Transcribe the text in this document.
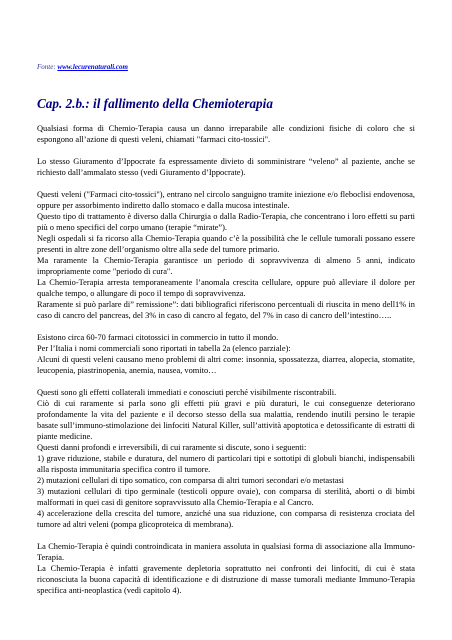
Fonte: www.lecurenaturali.com
Cap. 2.b.: il fallimento della Chemioterapia

Qualsiasi forma di Chemio-Terapia causa un danno irreparabile alle condizioni fisiche di coloro che si espongono all’azione di questi veleni, chiamati "farmaci cito-tossici".

Lo stesso Giuramento d’Ippocrate fa espressamente divieto di somministrare “veleno” al paziente, anche se richiesto dall’ammalato stesso (vedi Giuramento d’Ippocrate).

Questi veleni ("Farmaci cito-tossici"), entrano nel circolo sanguigno tramite iniezione e/o fleboclisi endovenosa, oppure per assorbimento indiretto dallo stomaco e dalla mucosa intestinale.

Questo tipo di trattamento è diverso dalla Chirurgia o dalla Radio-Terapia, che concentrano i loro effetti su parti più o meno specifici del corpo umano (terapie “mirate”).

Negli ospedali si fa ricorso alla Chemio-Terapia quando c’è la possibilità che le cellule tumorali possano essere presenti in altre zone dell’organismo oltre alla sede del tumore primario.

Ma raramente la Chemio-Terapia garantisce un periodo di sopravvivenza di almeno 5 anni, indicato impropriamente come "periodo di cura".

La Chemio-Terapia arresta temporaneamente l’anomala crescita cellulare, oppure può alleviare il dolore per qualche tempo, o allungare di poco il tempo di sopravvivenza.

Raramente si può parlare di” remissione”: dati bibliografici riferiscono percentuali di riuscita in meno dell1% in caso di cancro del pancreas, del 3% in caso di cancro al fegato, del 7% in caso di cancro dell’intestino…..

Esistono circa 60-70 farmaci citotossici in commercio in tutto il mondo.

Per l’Italia i nomi commerciali sono riportati in tabella 2a (elenco parziale):

Alcuni di questi veleni causano meno problemi di altri come: insonnia, spossatezza, diarrea, alopecia, stomatite, leucopenia, piastrinopenia, anemia, nausea, vomito…

Questi sono gli effetti collaterali immediati e conosciuti perché visibilmente riscontrabili.

Ciò di cui raramente si parla sono gli effetti più gravi e più duraturi, le cui conseguenze deteriorano profondamente la vita del paziente e il decorso stesso della sua malattia, rendendo inutili persino le terapie basate sull’immuno-stimolazione dei linfociti Natural Killer, sull’attività apoptotica e detossificante di estratti di piante medicine.

Questi danni profondi e irreversibili, di cui raramente si discute, sono i seguenti:

1) grave riduzione, stabile e duratura, del numero di particolari tipi e sottotipi di globuli bianchi, indispensabili alla risposta immunitaria specifica contro il tumore.

2) mutazioni cellulari di tipo somatico, con comparsa di altri tumori secondari e/o metastasi

3) mutazioni cellulari di tipo germinale (testicoli oppure ovaie), con comparsa di sterilità, aborti o di bimbi malformati in quei casi di genitore sopravvissuto alla Chemio-Terapia e al Cancro.

4) accelerazione della crescita del tumore, anziché una sua riduzione, con comparsa di resistenza crociata del tumore ad altri veleni (pompa glicoproteica di membrana).

La Chemio-Terapia è quindi controindicata in maniera assoluta in qualsiasi forma di associazione alla Immuno-Terapia.

La Chemio-Terapia è infatti gravemente depletoria soprattutto nei confronti dei linfociti, di cui è stata riconosciuta la buona capacità di identificazione e di distruzione di masse tumorali mediante Immuno-Terapia specifica anti-neoplastica (vedi capitolo 4).
